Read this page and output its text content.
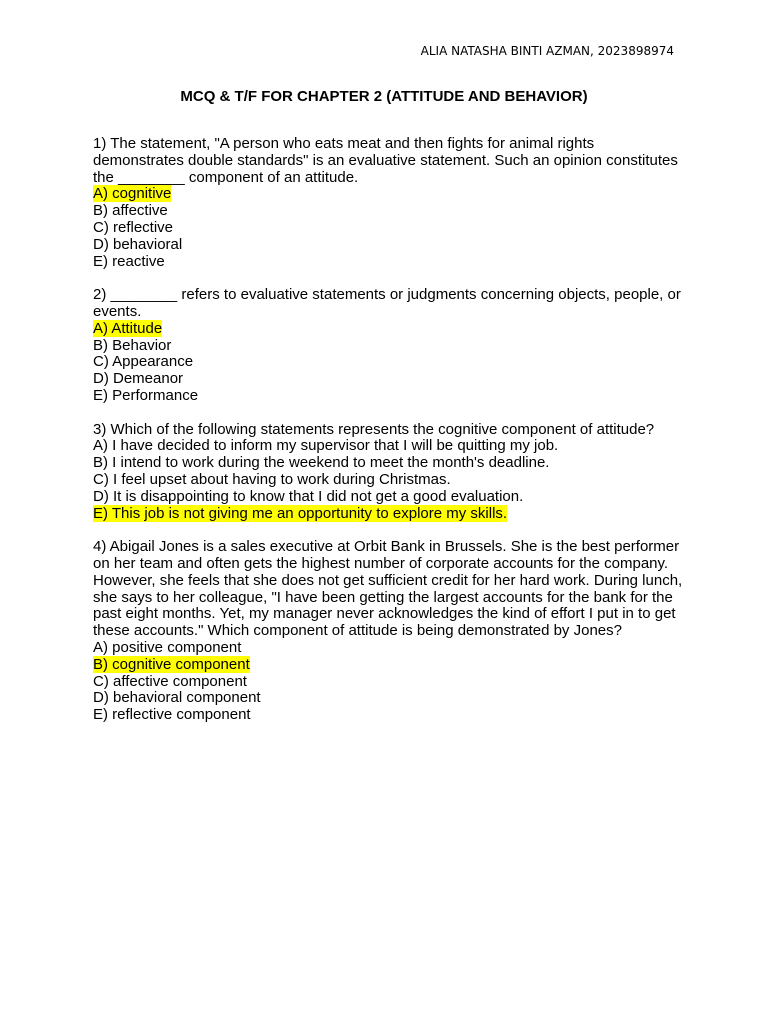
ALIA NATASHA BINTI AZMAN, 2023898974
MCQ & T/F FOR CHAPTER 2 (ATTITUDE AND BEHAVIOR)

1) The statement, "A person who eats meat and then fights for animal rights demonstrates double standards" is an evaluative statement. Such an opinion constitutes the ________ component of an attitude.

A) cognitive
B) affective
C) reflective
D) behavioral
E) reactive

2) ________ refers to evaluative statements or judgments concerning objects, people, or events.

A) Attitude
B) Behavior
C) Appearance
D) Demeanor
E) Performance

3) Which of the following statements represents the cognitive component of attitude?

A) I have decided to inform my supervisor that I will be quitting my job.
B) I intend to work during the weekend to meet the month's deadline.
C) I feel upset about having to work during Christmas.
D) It is disappointing to know that I did not get a good evaluation.
E) This job is not giving me an opportunity to explore my skills.

4) Abigail Jones is a sales executive at Orbit Bank in Brussels. She is the best performer on her team and often gets the highest number of corporate accounts for the company. However, she feels that she does not get sufficient credit for her hard work. During lunch, she says to her colleague, "I have been getting the largest accounts for the bank for the past eight months. Yet, my manager never acknowledges the kind of effort I put in to get these accounts." Which component of attitude is being demonstrated by Jones?

A) positive component
B) cognitive component
C) affective component
D) behavioral component
E) reflective component
